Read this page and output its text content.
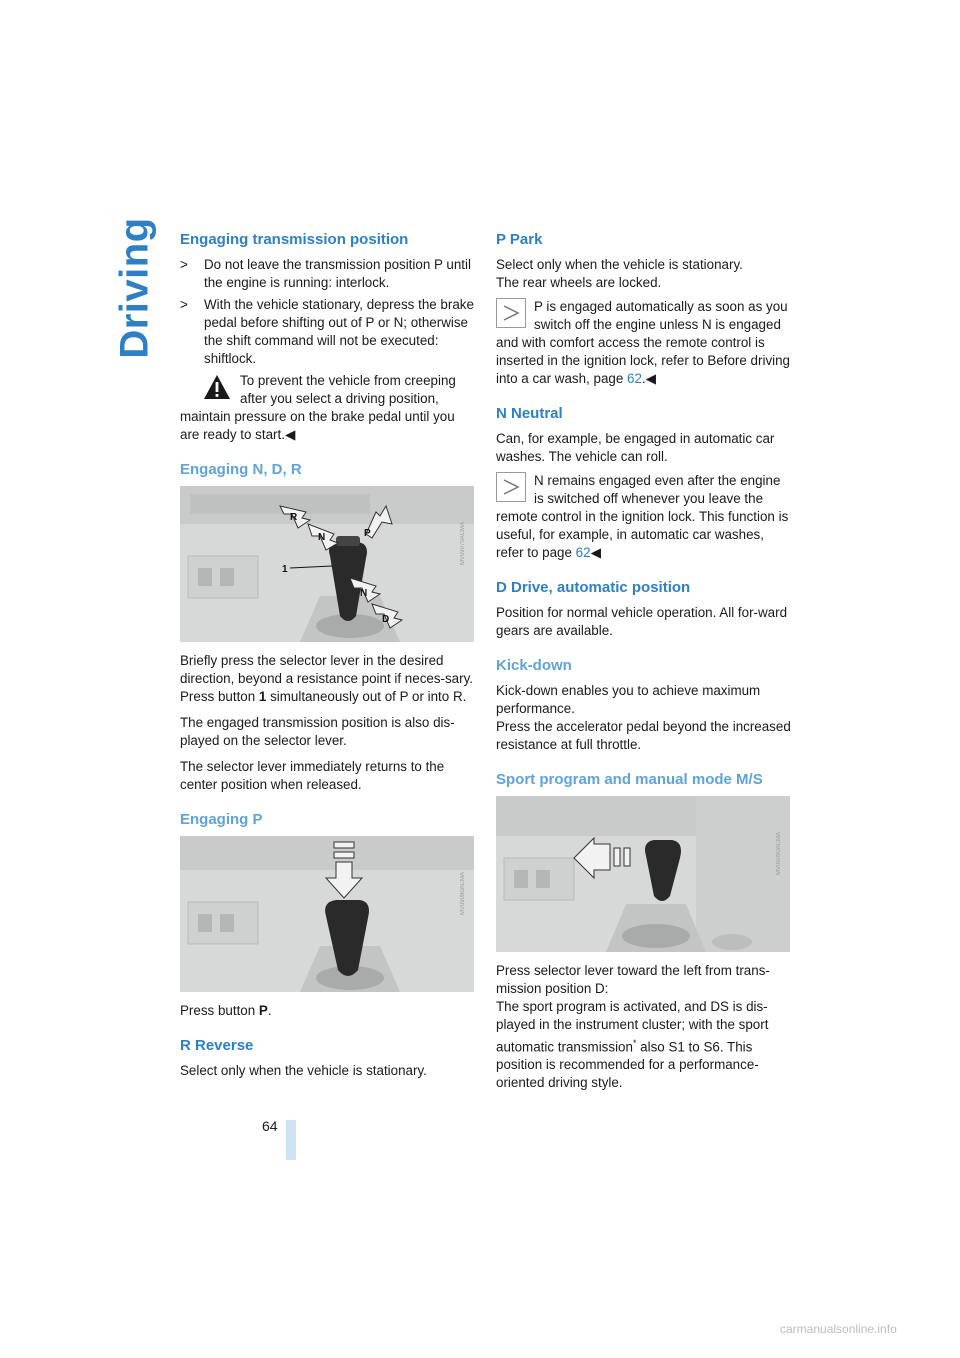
Driving Engaging transmission position
> Do not leave the transmission position P until the engine is running: interlock.
> With the vehicle stationary, depress the brake pedal before shifting out of P or N; otherwise the shift command will not be executed: shiftlock.
To prevent the vehicle from creeping after you select a driving position, maintain pressure on the brake pedal until you are ready to start.◀
Engaging N, D, R
R
N	P
N
D
1
MV09070ACMA

Briefly press the selector lever in the desired direction, beyond a resistance point if neces-sary. Press button 1 simultaneously out of P or into R.

The engaged transmission position is also dis-played on the selector lever.

The selector lever immediately returns to the center position when released.

Engaging P
MV09080ACMA

Press button P.

R Reverse

Select only when the vehicle is stationary.

P Park

Select only when the vehicle is stationary.

The rear wheels are locked.

P is engaged automatically as soon as you switch off the engine unless N is engaged and with comfort access the remote control is inserted in the ignition lock, refer to Before driving into a car wash, page 62.◀
N Neutral

Can, for example, be engaged in automatic car washes. The vehicle can roll.

N remains engaged even after the engine is switched off whenever you leave the remote control in the ignition lock. This function is useful, for example, in automatic car washes, refer to page 62◀
D Drive, automatic position

Position for normal vehicle operation. All for-ward gears are available.

Kick-down

Kick-down enables you to achieve maximum performance.

Press the accelerator pedal beyond the increased resistance at full throttle.

Sport program and manual mode M/S
MV09090ACMA

Press selector lever toward the left from trans-mission position D:

The sport program is activated, and DS is dis-played in the instrument cluster; with the sport automatic transmission* also S1 to S6. This position is recommended for a performance-oriented driving style.

64
carmanualsonline.info
